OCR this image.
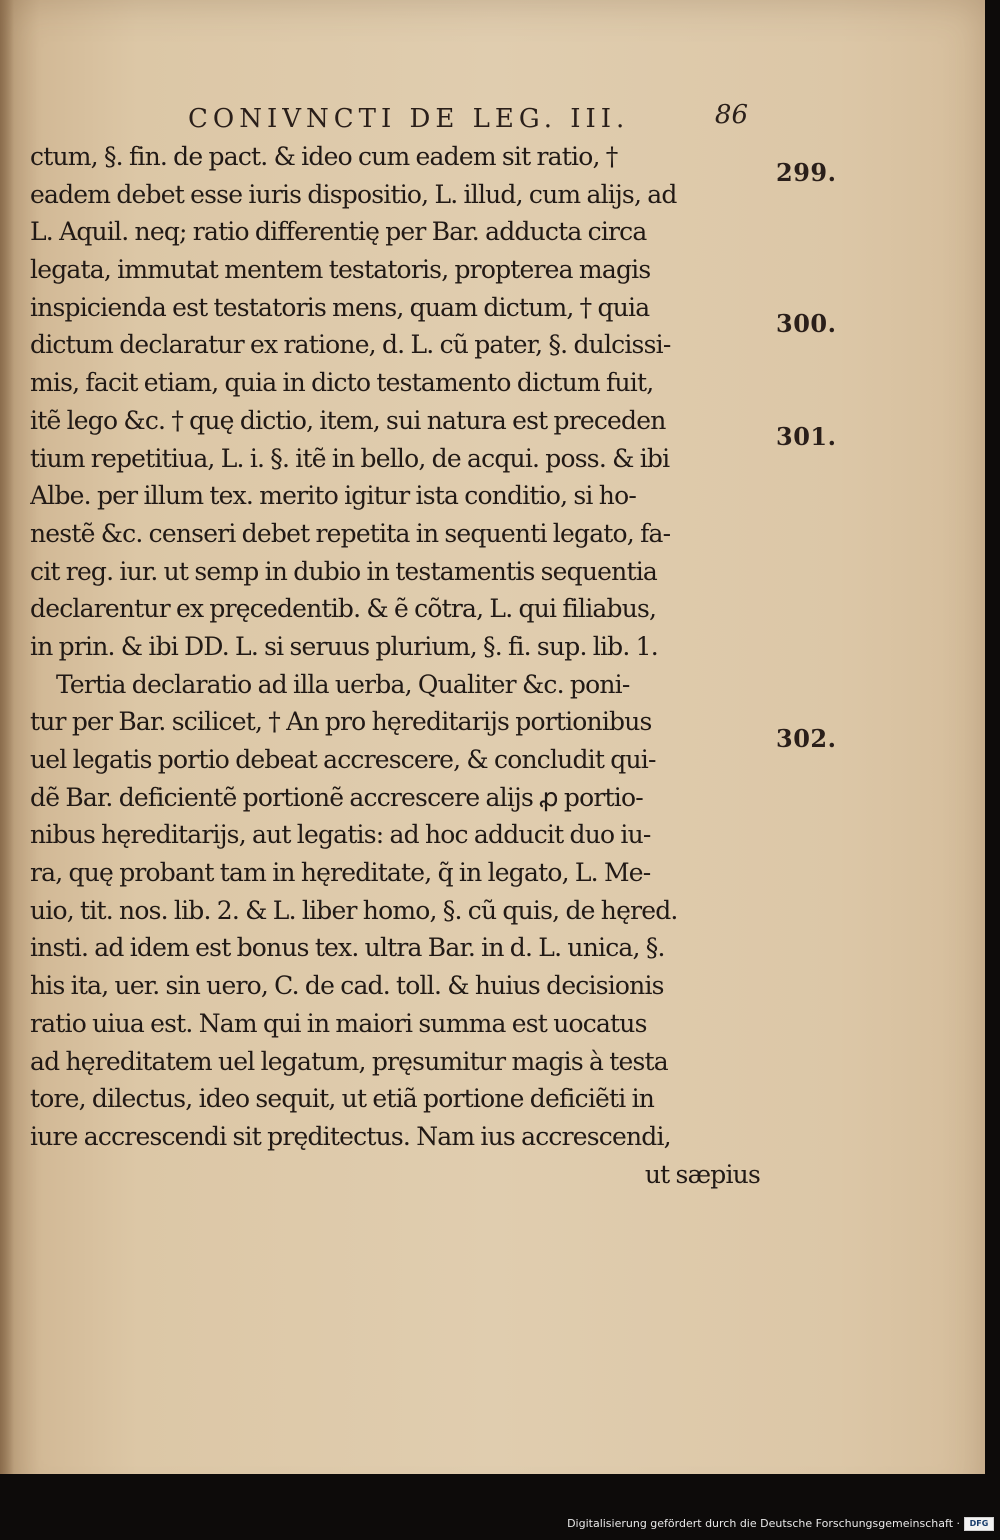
CONIVNCTI DE LEG. III.	86
ctum, §. fin. de pact. & ideo cum eadem sit ratio, †
eadem debet esse iuris dispositio, L. illud, cum alijs, ad
L. Aquil. neq; ratio differentię per Bar. adducta circa
legata, immutat mentem testatoris, propterea magis
inspicienda est testatoris mens, quam dictum, † quia
dictum declaratur ex ratione, d. L. cũ pater, §. dulcissi-
mis, facit etiam, quia in dicto testamento dictum fuit,
itẽ lego &c. † quę dictio, item, sui natura est preceden
tium repetitiua, L. i. §. itẽ in bello, de acqui. poss. & ibi
Albe. per illum tex. merito igitur ista conditio, si ho-
nestẽ &c. censeri debet repetita in sequenti legato, fa-
cit reg. iur. ut semp in dubio in testamentis sequentia
declarentur ex pręcedentib. & ẽ cõtra, L. qui filiabus,
in prin. & ibi DD. L. si seruus plurium, §. fi. sup. lib. 1.
Tertia declaratio ad illa uerba, Qualiter &c. poni-
tur per Bar. scilicet, † An pro hęreditarijs portionibus
uel legatis portio debeat accrescere, & concludit qui-
dẽ Bar. deficientẽ portionẽ accrescere alijs ꝓ portio-
nibus hęreditarijs, aut legatis: ad hoc adducit duo iu-
ra, quę probant tam in hęreditate, q̃ in legato, L. Me-
uio, tit. nos. lib. 2. & L. liber homo, §. cũ quis, de hęred.
insti. ad idem est bonus tex. ultra Bar. in d. L. unica, §.
his ita, uer. sin uero, C. de cad. toll. & huius decisionis
ratio uiua est. Nam qui in maiori summa est uocatus
ad hęreditatem uel legatum, pręsumitur magis à testa
tore, dilectus, ideo sequit, ut etiã portione deficiẽti in
iure accrescendi sit pręditectus. Nam ius accrescendi,
ut sæpius
299.
300.
301.
302.
Digitalisierung gefördert durch die Deutsche Forschungsgemeinschaft ·	DFG
